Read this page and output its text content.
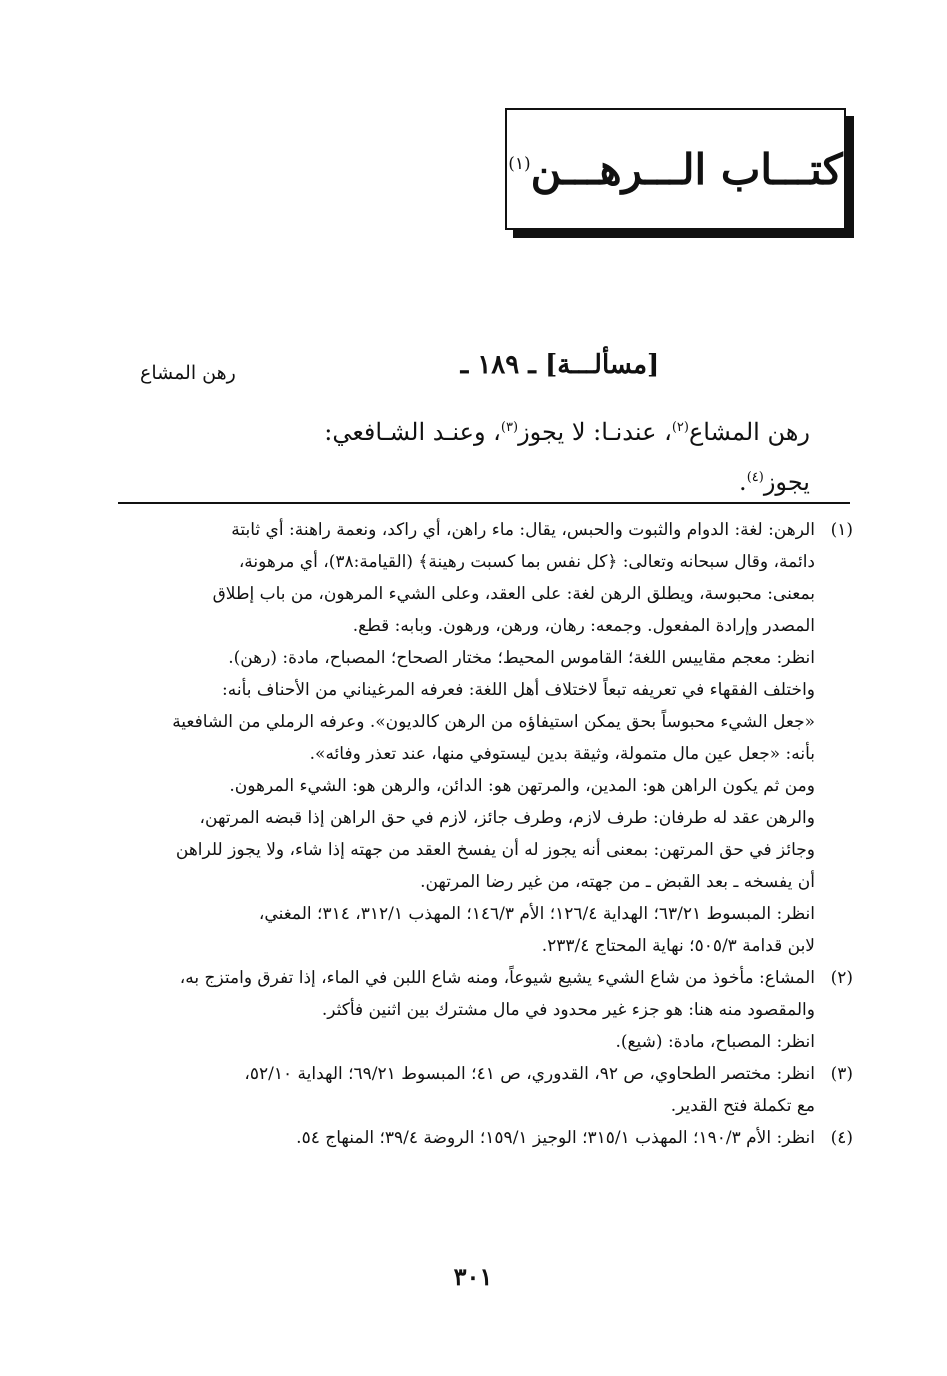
كتـــاب الـــرهـــن$^{(١)}$
[مسألـــة] ـ ١٨٩ ـ
رهن المشاع

رهن المشاع$^{(٢)}$، عندنـا: لا يجوز$^{(٣)}$، وعنـد الشـافعي:

يجوز$^{(٤)}$.

(١)

الرهن: لغة: الدوام والثبوت والحبس، يقال: ماء راهن، أي راكد، ونعمة راهنة: أي ثابتة

دائمة، وقال سبحانه وتعالى: ﴿كل نفس بما كسبت رهينة﴾ (القيامة:٣٨)، أي مرهونة،

بمعنى: محبوسة، ويطلق الرهن لغة: على العقد، وعلى الشيء المرهون، من باب إطلاق

المصدر وإرادة المفعول. وجمعه: رهان، ورهن، ورهون. وبابه: قطع.

انظر: معجم مقاييس اللغة؛ القاموس المحيط؛ مختار الصحاح؛ المصباح، مادة: (رهن).

واختلف الفقهاء في تعريفه تبعاً لاختلاف أهل اللغة: فعرفه المرغيناني من الأحناف بأنه:

«جعل الشيء محبوساً بحق يمكن استيفاؤه من الرهن كالديون». وعرفه الرملي من الشافعية

بأنه: «جعل عين مال متمولة، وثيقة بدين ليستوفي منها، عند تعذر وفائه».

ومن ثم يكون الراهن هو: المدين، والمرتهن هو: الدائن، والرهن هو: الشيء المرهون.

والرهن عقد له طرفان: طرف لازم، وطرف جائز، لازم في حق الراهن إذا قبضه المرتهن،

وجائز في حق المرتهن: بمعنى أنه يجوز له أن يفسخ العقد من جهته إذا شاء، ولا يجوز للراهن

أن يفسخه ـ بعد القبض ـ من جهته، من غير رضا المرتهن.

انظر: المبسوط ٦٣/٢١؛ الهداية ١٢٦/٤؛ الأم ١٤٦/٣؛ المهذب ٣١٢/١، ٣١٤؛ المغني،

لابن قدامة ٥٠٥/٣؛ نهاية المحتاج ٢٣٣/٤.

(٢)

المشاع: مأخوذ من شاع الشيء يشيع شيوعاً، ومنه شاع اللبن في الماء، إذا تفرق وامتزج به،

والمقصود منه هنا: هو جزء غير محدود في مال مشترك بين اثنين فأكثر.

انظر: المصباح، مادة: (شيع).

(٣)

انظر: مختصر الطحاوي، ص ٩٢، القدوري، ص ٤١؛ المبسوط ٦٩/٢١؛ الهداية ٥٢/١٠،

مع تكملة فتح القدير.

(٤)

انظر: الأم ١٩٠/٣؛ المهذب ٣١٥/١؛ الوجيز ١٥٩/١؛ الروضة ٣٩/٤؛ المنهاج ٥٤.

٣٠١
